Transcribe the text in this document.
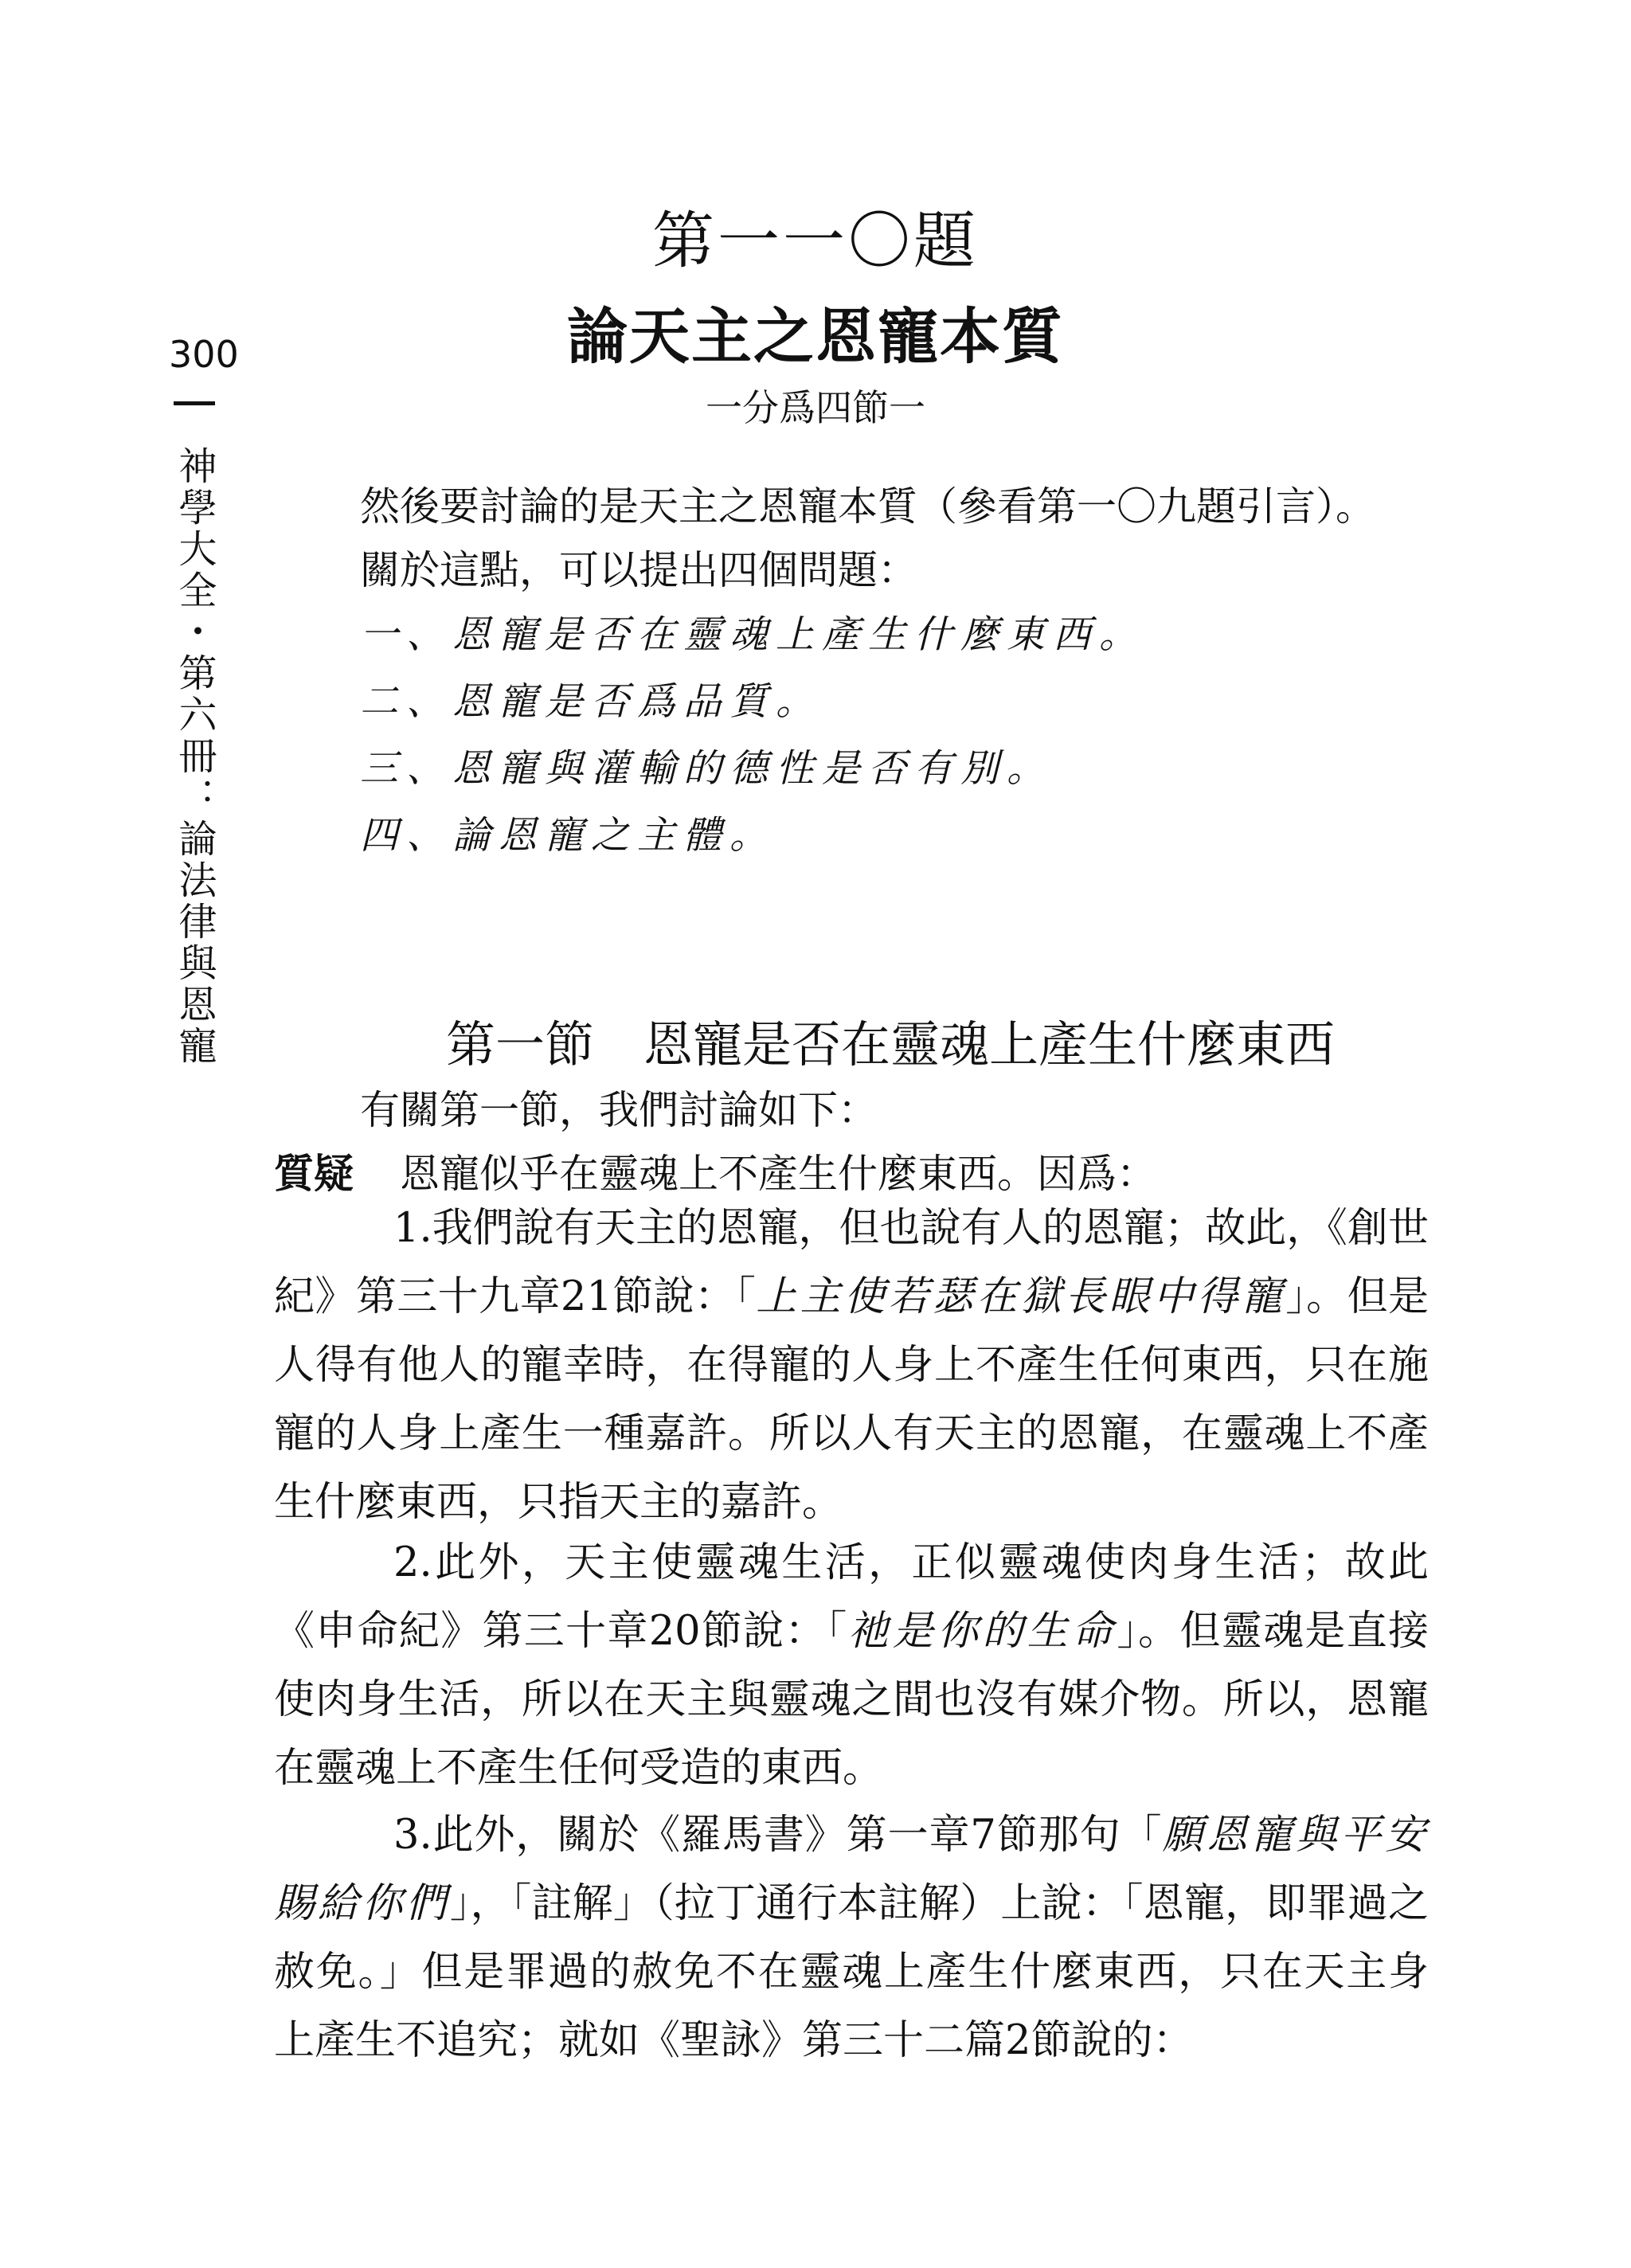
300
神學大全・第六冊：論法律與恩寵
第一一〇題
論天主之恩寵本質
一分爲四節一
然後要討論的是天主之恩寵本質（參看第一〇九題引言）。
關於這點，可以提出四個問題：
一、恩寵是否在靈魂上產生什麼東西。
二、恩寵是否爲品質。
三、恩寵與灌輸的德性是否有別。
四、論恩寵之主體。
第一節　恩寵是否在靈魂上產生什麼東西
有關第一節，我們討論如下：
質疑 恩寵似乎在靈魂上不產生什麼東西。因爲：

1.我們說有天主的恩寵，但也說有人的恩寵；故此，《創世紀》第三十九章21節說：「上主使若瑟在獄長眼中得寵」。但是人得有他人的寵幸時，在得寵的人身上不產生任何東西，只在施寵的人身上產生一種嘉許。所以人有天主的恩寵，在靈魂上不產生什麼東西，只指天主的嘉許。

2.此外，天主使靈魂生活，正似靈魂使肉身生活；故此《申命紀》第三十章20節說：「祂是你的生命」。但靈魂是直接使肉身生活，所以在天主與靈魂之間也沒有媒介物。所以，恩寵在靈魂上不產生任何受造的東西。

3.此外，關於《羅馬書》第一章7節那句「願恩寵與平安賜給你們」，「註解」（拉丁通行本註解）上說：「恩寵，即罪過之赦免。」但是罪過的赦免不在靈魂上產生什麼東西，只在天主身上產生不追究；就如《聖詠》第三十二篇2節說的：
